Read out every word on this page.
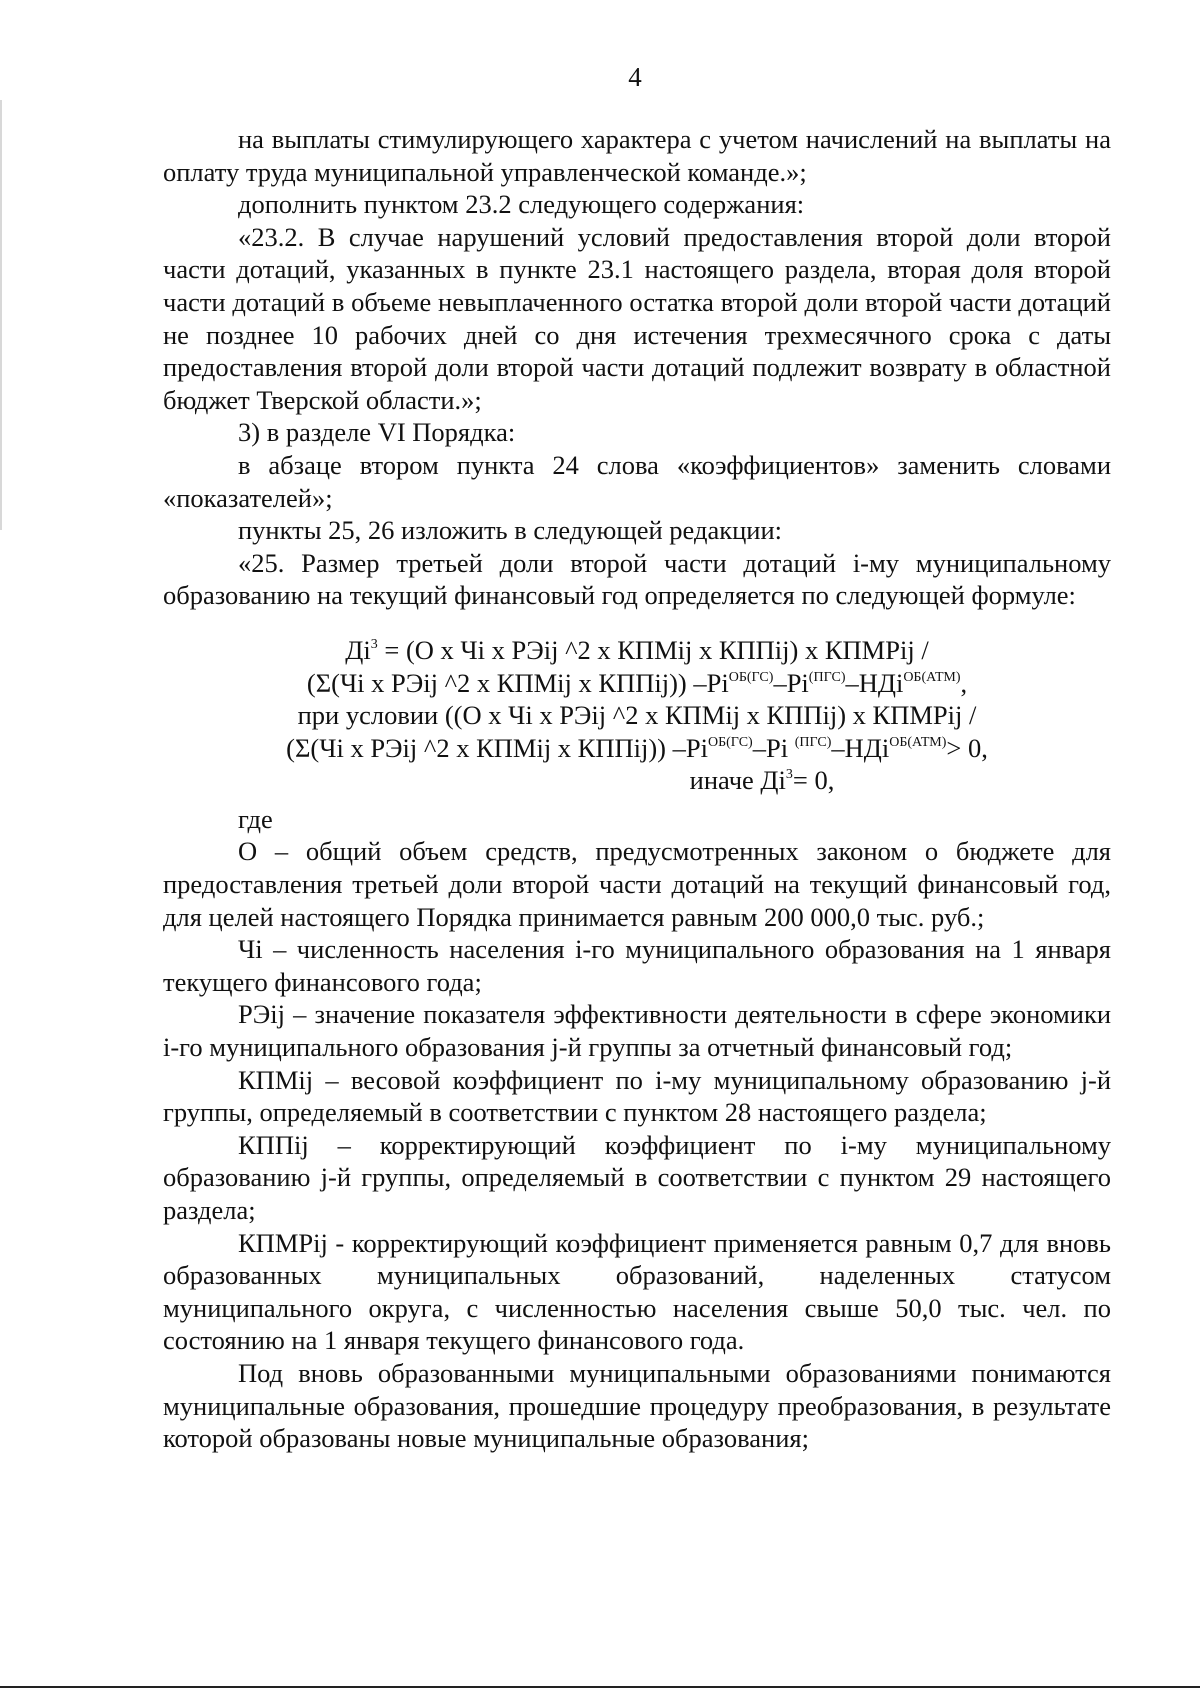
4

на выплаты стимулирующего характера с учетом начислений на выплаты на оплату труда муниципальной управленческой команде.»;

дополнить пунктом 23.2 следующего содержания:

«23.2. В случае нарушений условий предоставления второй доли второй части дотаций, указанных в пункте 23.1 настоящего раздела, вторая доля второй части дотаций в объеме невыплаченного остатка второй доли второй части дотаций не позднее 10 рабочих дней со дня истечения трехмесячного срока с даты предоставления второй доли второй части дотаций подлежит возврату в областной бюджет Тверской области.»;

3) в разделе VI Порядка:

в абзаце втором пункта 24 слова «коэффициентов» заменить словами «показателей»;

пункты 25, 26 изложить в следующей редакции:

«25. Размер третьей доли второй части дотаций i-му муниципальному образованию на текущий финансовый год определяется по следующей формуле:

$Дi^3 = (О$ х Чi х РЭij ^2 х КПМij х КППij) х КПМРij /
(Σ(Чi х РЭij ^2 х КПМij х КППij)) $-Рi^{ОБ(ГС)}-Рi^{(ПГС)}-НДi^{ОБ(АТМ)}$,
при условии ((О х Чi х РЭij ^2 х КПМij х КППij) х КПМРij /
(Σ(Чi х РЭij ^2 х КПМij х КППij)) $-Рi^{ОБ(ГС)}-Рi$ $^{(ПГС)}$–НДi$^{ОБ(АТМ)}$> 0,
иначе $Дi^3= 0$,

где

О – общий объем средств, предусмотренных законом о бюджете для предоставления третьей доли второй части дотаций на текущий финансовый год, для целей настоящего Порядка принимается равным 200 000,0 тыс. руб.;

Чi – численность населения i-го муниципального образования на 1 января текущего финансового года;

РЭij – значение показателя эффективности деятельности в сфере экономики i-го муниципального образования j-й группы за отчетный финансовый год;

КПМij – весовой коэффициент по i-му муниципальному образованию j-й группы, определяемый в соответствии с пунктом 28 настоящего раздела;

КППij – корректирующий коэффициент по i-му муниципальному образованию j-й группы, определяемый в соответствии с пунктом 29 настоящего раздела;

КПМРij - корректирующий коэффициент применяется равным 0,7 для вновь образованных муниципальных образований, наделенных статусом муниципального округа, с численностью населения свыше 50,0 тыс. чел. по состоянию на 1 января текущего финансового года.

Под вновь образованными муниципальными образованиями понимаются муниципальные образования, прошедшие процедуру преобразования, в результате которой образованы новые муниципальные образования;
